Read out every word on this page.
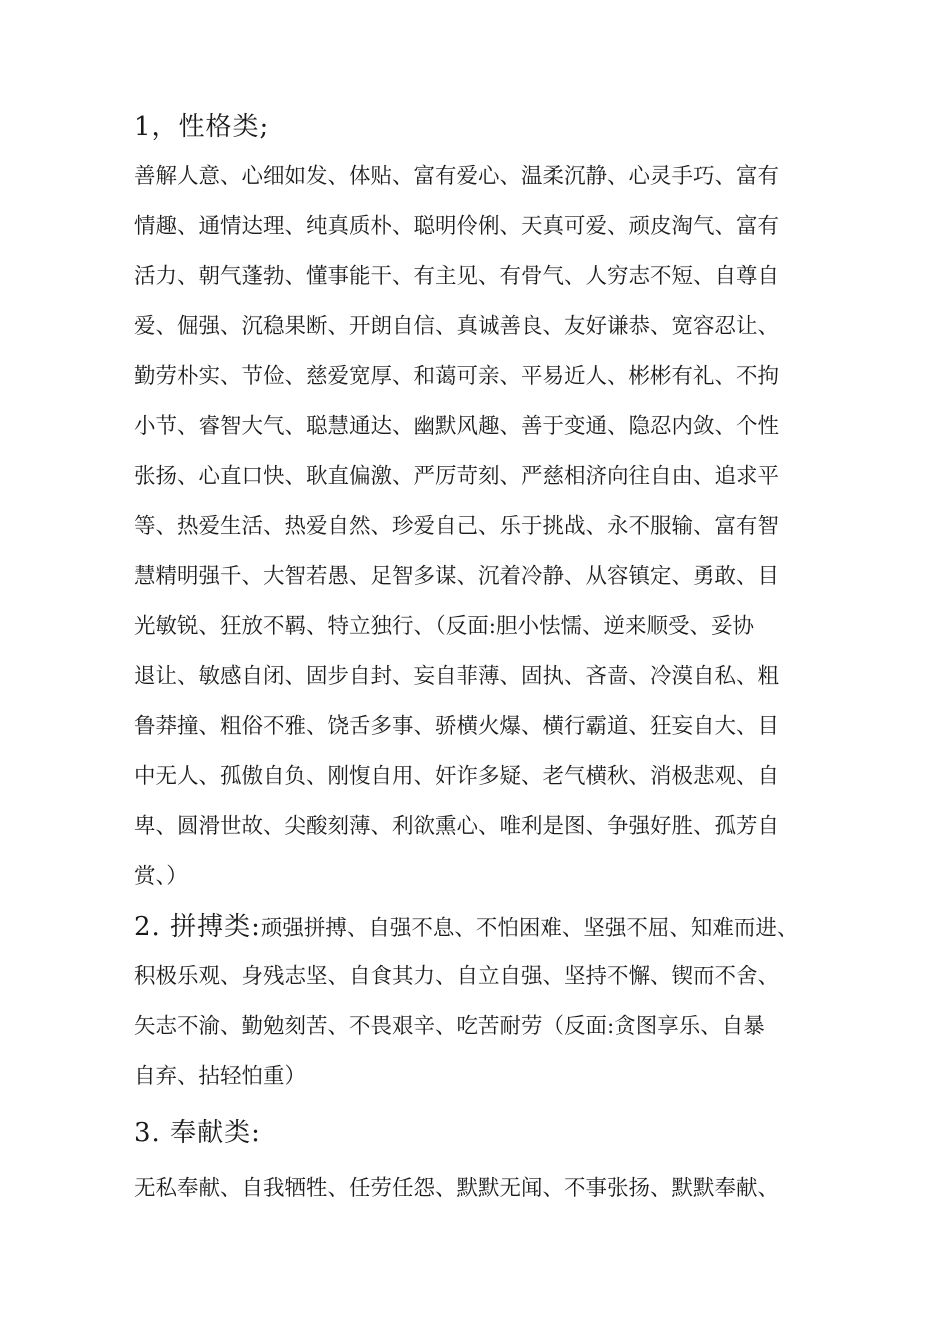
1，性格类;
善解人意、心细如发、体贴、富有爱心、温柔沉静、心灵手巧、富有
情趣、通情达理、纯真质朴、聪明伶俐、天真可爱、顽皮淘气、富有
活力、朝气蓬勃、懂事能干、有主见、有骨气、人穷志不短、自尊自
爱、倔强、沉稳果断、开朗自信、真诚善良、友好谦恭、宽容忍让、
勤劳朴实、节俭、慈爱宽厚、和蔼可亲、平易近人、彬彬有礼、不拘
小节、睿智大气、聪慧通达、幽默风趣、善于变通、隐忍内敛、个性
张扬、心直口快、耿直偏激、严厉苛刻、严慈相济向往自由、追求平
等、热爱生活、热爱自然、珍爱自己、乐于挑战、永不服输、富有智
慧精明强千、大智若愚、足智多谋、沉着冷静、从容镇定、勇敢、目
光敏锐、狂放不羁、特立独行、（反面:胆小怯懦、逆来顺受、妥协
退让、敏感自闭、固步自封、妄自菲薄、固执、吝啬、冷漠自私、粗
鲁莽撞、粗俗不雅、饶舌多事、骄横火爆、横行霸道、狂妄自大、目
中无人、孤傲自负、刚愎自用、奸诈多疑、老气横秋、消极悲观、自
卑、圆滑世故、尖酸刻薄、利欲熏心、唯利是图、争强好胜、孤芳自
赏、）
2. 拼搏类:顽强拼搏、自强不息、不怕困难、坚强不屈、知难而进、
积极乐观、身残志坚、自食其力、自立自强、坚持不懈、锲而不舍、
矢志不渝、勤勉刻苦、不畏艰辛、吃苦耐劳（反面:贪图享乐、自暴
自弃、拈轻怕重）
3. 奉献类:
无私奉献、自我牺牲、任劳任怨、默默无闻、不事张扬、默默奉献、
